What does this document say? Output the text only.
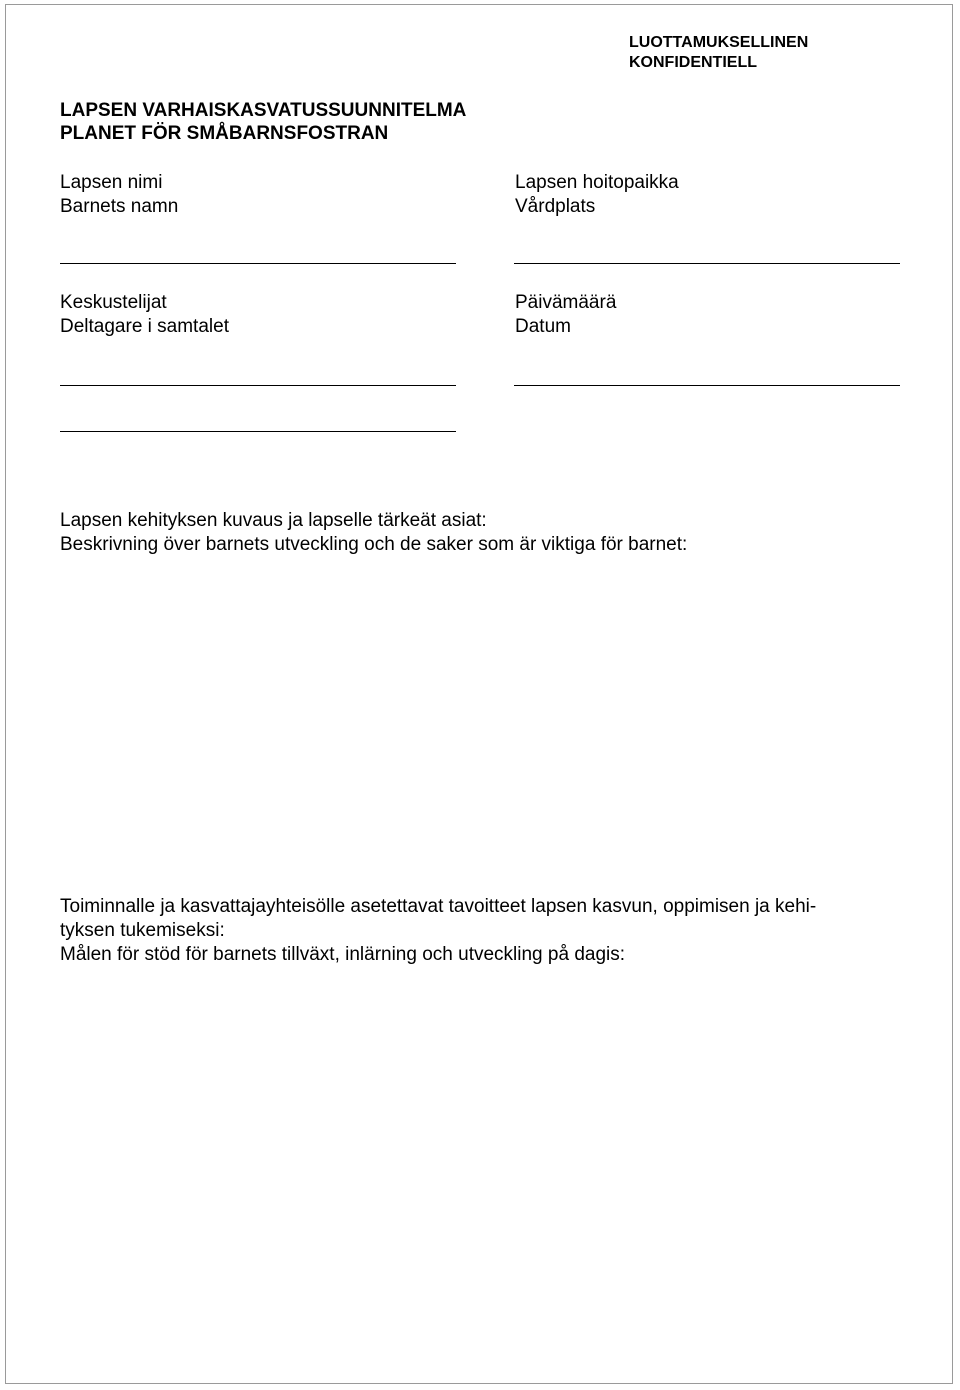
LUOTTAMUKSELLINEN
KONFIDENTIELL
LAPSEN VARHAISKASVATUSSUUNNITELMA
PLANET FÖR SMÅBARNSFOSTRAN
Lapsen nimi
Barnets namn
Lapsen hoitopaikka
Vårdplats
Keskustelijat
Deltagare i samtalet
Päivämäärä
Datum
Lapsen kehityksen kuvaus ja lapselle tärkeät asiat:
Beskrivning över barnets utveckling och de saker som är viktiga för barnet:
Toiminnalle ja kasvattajayhteisölle asetettavat tavoitteet lapsen kasvun, oppimisen ja kehi-
tyksen tukemiseksi:
Målen för stöd för barnets tillväxt, inlärning och utveckling på dagis:
